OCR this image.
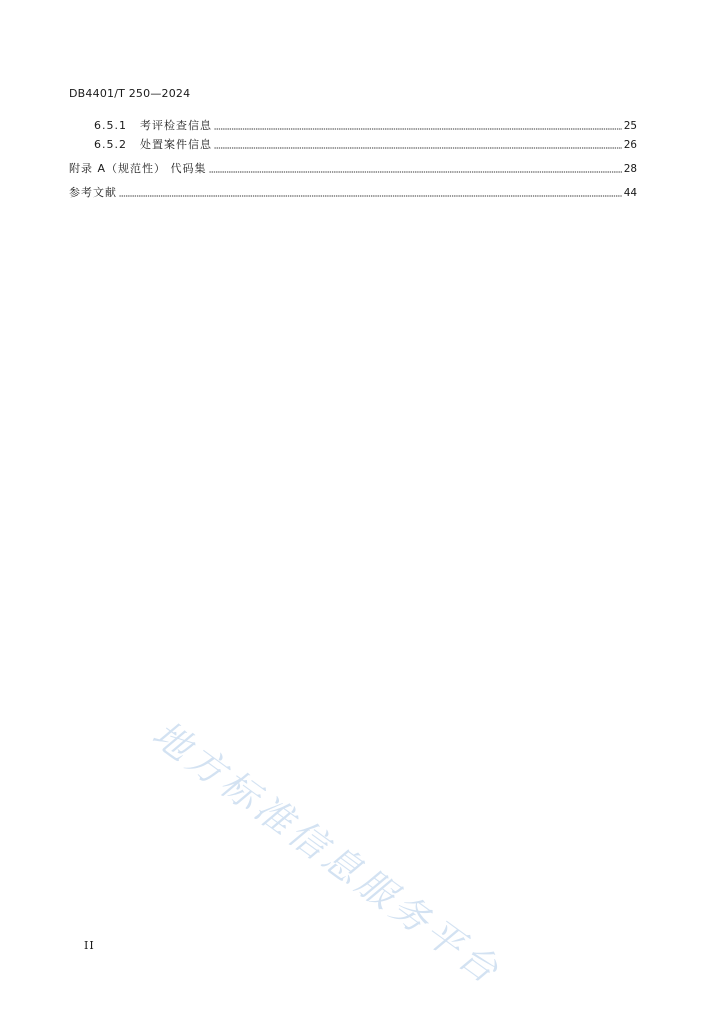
DB4401/T 250—2024
6.5.1	考评检查信息	25
6.5.2	处置案件信息	26
附录 A（规范性） 代码集	28
参考文献	44
地方标准信息服务平台
II
